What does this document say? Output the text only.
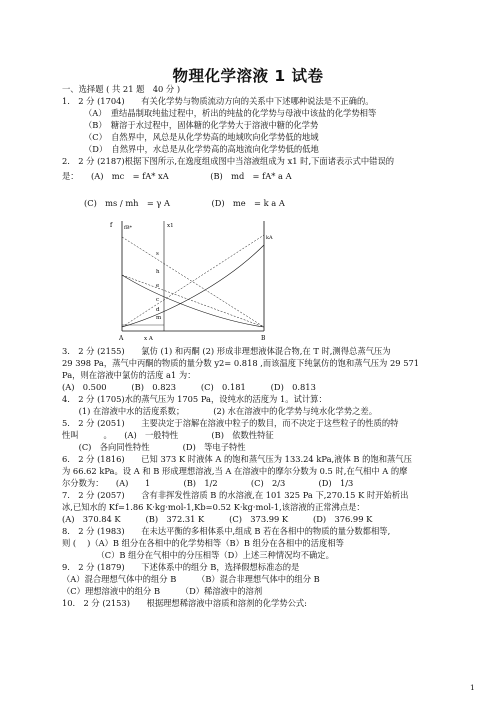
物理化学溶液 1 试卷
一、选择题 ( 共 21 题　40 分 )
1.　2 分 (1704)　　有关化学势与物质流动方向的关系中下述哪种说法是不正确的。
（A）　重结晶制取纯盐过程中，析出的纯盐的化学势与母液中该盐的化学势相等
（B）　糖溶于水过程中，固体糖的化学势大于溶液中糖的化学势
（C）　自然界中，风总是从化学势高的地域吹向化学势低的地域
（D）　自然界中，水总是从化学势高的高地流向化学势低的低地
2.　2 分 (2187)根据下图所示,在逸度组成图中当溶液组成为 x1 时,下面诸表示式中错误的
是：　　(A)　mc　= fA* xA　　　　　(B)　md　= fA* a A
(C)　ms / mh　= γ A　　　　　(D)　me　= k a A
3.　2 分 (2155)　　氯仿 (1) 和丙酮 (2) 形成非理想液体混合物,在 T 时,测得总蒸气压为
29 398 Pa，蒸气中丙酮的物质的量分数 y2= 0.818 ,而该温度下纯氯仿的饱和蒸气压为 29 571
Pa，则在溶液中氯仿的活度 a1 为：
(A)　0.500　　　(B)　0.823　　　(C)　0.181　　　(D)　0.813
4.　2 分 (1705)水的蒸气压为 1705 Pa，设纯水的活度为 1。试计算：
　　(1) 在溶液中水的活度系数；　　　　(2) 水在溶液中的化学势与纯水化学势之差。
5.　2 分 (2051)　　主要决定于溶解在溶液中粒子的数目，而不决定于这些粒子的性质的特
性叫　　　。　　(A)　一般特性　　　　(B)　依数性特征
　　(C)　各向同性特性　　　　(D)　等电子特性
6.　2 分 (1816)　　已知 373 K 时液体 A 的饱和蒸气压为 133.24 kPa,液体 B 的饱和蒸气压
为 66.62 kPa。设 A 和 B 形成理想溶液,当 A 在溶液中的摩尔分数为 0.5 时,在气相中 A 的摩
尔分数为：　　(A)　　1　　　　(B)　1/2　　　　(C)　2/3　　　　(D)　1/3
7.　2 分 (2057)　　含有非挥发性溶质 B 的水溶液,在 101 325 Pa 下,270.15 K 时开始析出
冰,已知水的 Kf=1.86 K·kg·mol-1,Kb=0.52 K·kg·mol-1,该溶液的正常沸点是：
(A)　370.84 K　　　(B)　372.31 K　　　(C)　373.99 K　　　(D)　376.99 K
8.　2 分 (1983)　　在未达平衡的多相体系中,组成 B 若在各相中的物质的量分数都相等,
则 (　 )（A）B 组分在各相中的化学势相等（B）B 组分在各相中的活度相等
　　（C）B 组分在气相中的分压相等（D）上述三种情况均不确定。
9.　2 分 (1879)　　下述体系中的组分 B，选择假想标准态的是
（A）混合理想气体中的组分 B　　　（B）混合非理想气体中的组分 B
（C）理想溶液中的组分 B　　　（D）稀溶液中的溶剂
10.　2 分 (2153)　　根据理想稀溶液中溶质和溶剂的化学势公式:
f fB*	x1
x A
A	B
kA
s
h
e
c
d
m
1
